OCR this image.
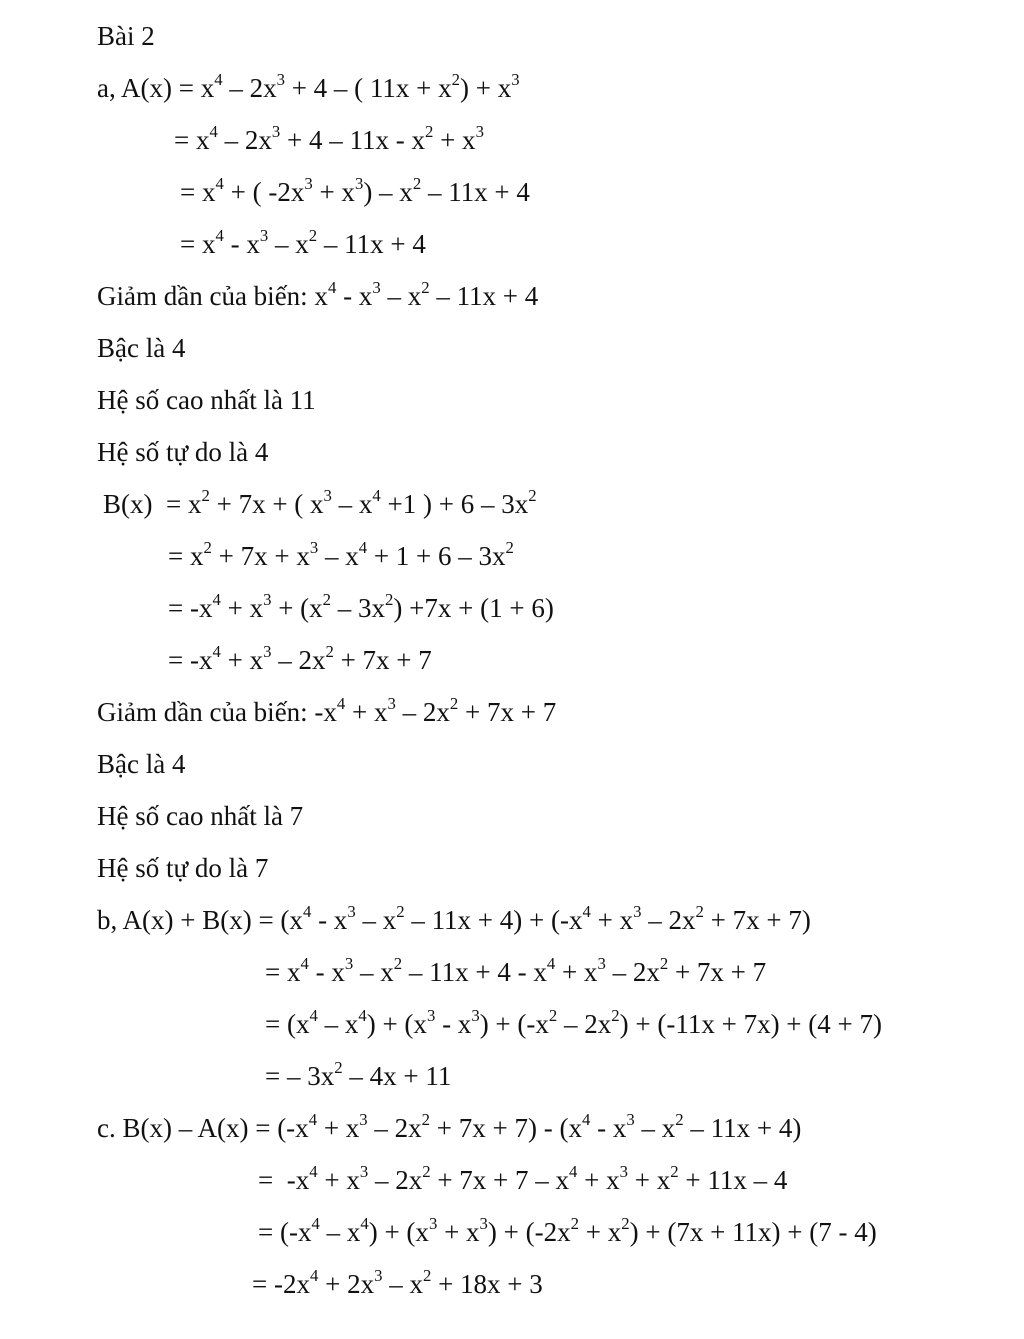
Bài 2
a, $A(x) = x^4 - 2x^3 + 4$ – ( $11x + x^2) + x^3$
= $x^4 - 2x^3 + 4 - 11x - x^2 + x^3$
= $x^4$ + ( $-2x^3 + x^3) - x^2 - 11x + 4$
= $x^4 - x^3 - x^2 - 11x + 4$
Giảm dần của biến: $x^4 - x^3 - x^2 - 11x + 4$
Bậc là 4
Hệ số cao nhất là 11
Hệ số tự do là 4
$B(x) = x^2 + 7x$ + ( $x^3 - x^4 +1$ ) + $6 - 3x^2$
= $x^2 + 7x + x^3 - x^4 + 1 + 6 - 3x^2$
= $-x^4 + x^3 + (x^2 - 3x^2) +7x + (1 + 6)$
= $-x^4 + x^3 - 2x^2 + 7x + 7$
Giảm dần của biến: $-x^4 + x^3 - 2x^2 + 7x + 7$
Bậc là 4
Hệ số cao nhất là 7
Hệ số tự do là 7
b, $A(x) + B(x) = (x^4 - x^3 - x^2 - 11x + 4) + (-x^4 + x^3 - 2x^2 + 7x + 7)$
= $x^4 - x^3 - x^2 - 11x + 4 - x^4 + x^3 - 2x^2 + 7x + 7$
= $(x^4 - x^4) + (x^3 - x^3) + (-x^2 - 2x^2) + (-11x + 7x) + (4 + 7)$
= – $3x^2 - 4x + 11$
c. $B(x) - A(x) = (-x^4 + x^3 - 2x^2 + 7x + 7) - (x^4 - x^3 - x^2 - 11x + 4)$
=  $-x^4 + x^3 - 2x^2 + 7x + 7 - x^4 + x^3 + x^2 + 11x - 4$
= $(-x^4 - x^4) + (x^3 + x^3) + (-2x^2 + x^2) + (7x + 11x) + (7 - 4)$
= $-2x^4 + 2x^3 - x^2 + 18x + 3$
